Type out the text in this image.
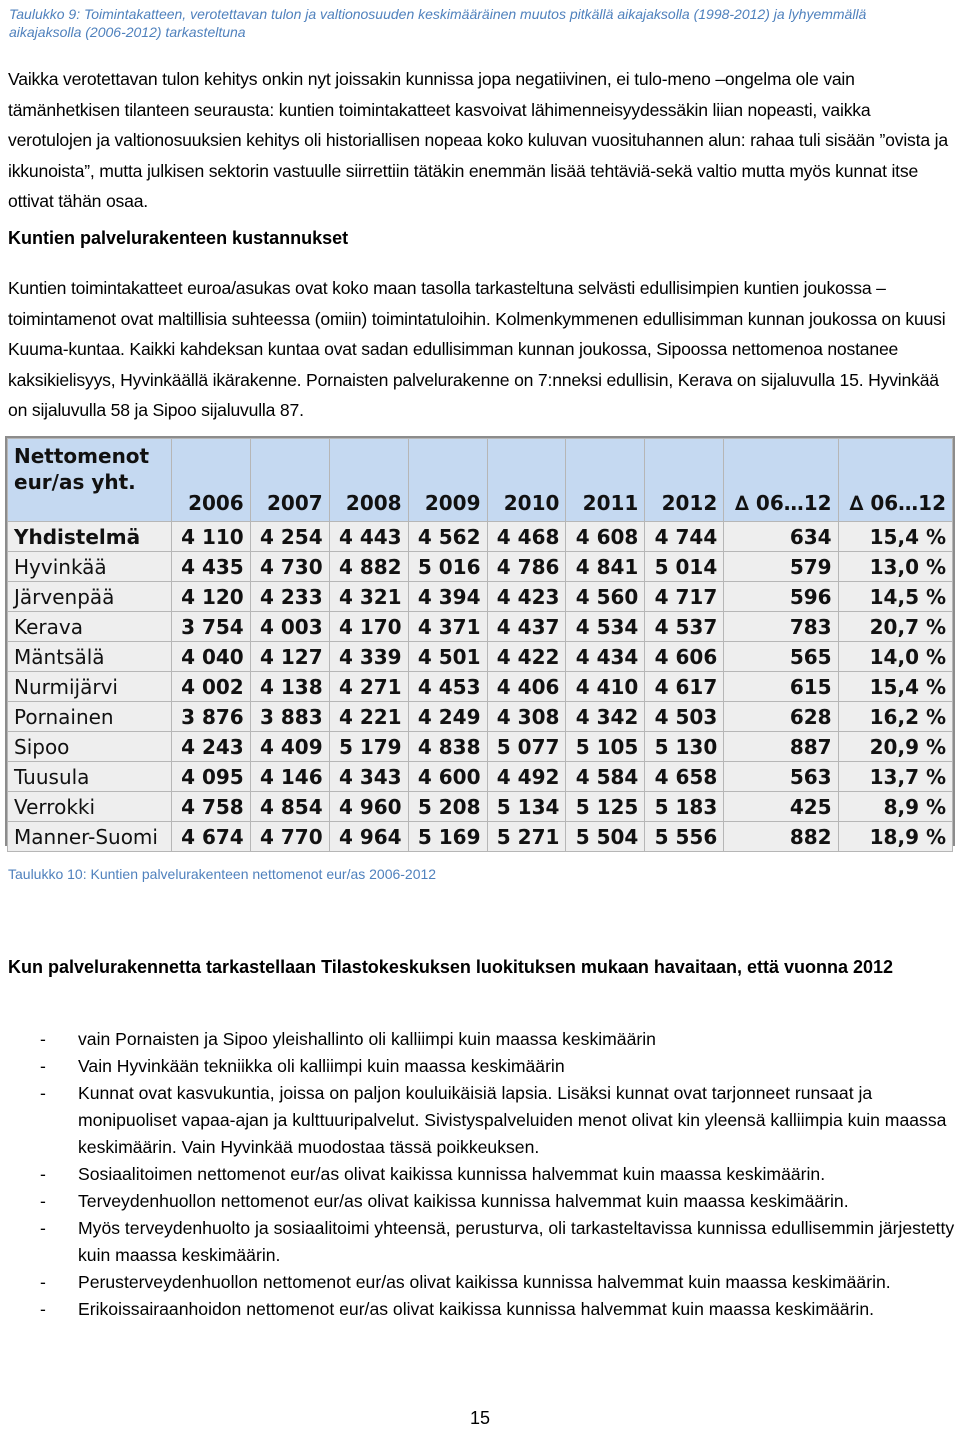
Taulukko 9: Toimintakatteen, verotettavan tulon ja valtionosuuden keskimääräinen muutos pitkällä aikajaksolla (1998-2012) ja lyhyemmällä aikajaksolla (2006-2012) tarkasteltuna
Vaikka verotettavan tulon kehitys onkin nyt joissakin kunnissa jopa negatiivinen, ei tulo-meno –ongelma ole vain tämänhetkisen tilanteen seurausta: kuntien toimintakatteet kasvoivat lähimenneisyydessäkin liian nopeasti, vaikka verotulojen ja valtionosuuksien kehitys oli historiallisen nopeaa koko kuluvan vuosituhannen alun: rahaa tuli sisään ”ovista ja ikkunoista”, mutta julkisen sektorin vastuulle siirrettiin tätäkin enemmän lisää tehtäviä-sekä valtio mutta myös kunnat itse ottivat tähän osaa.
Kuntien palvelurakenteen kustannukset
Kuntien toimintakatteet euroa/asukas ovat koko maan tasolla tarkasteltuna selvästi edullisimpien kuntien joukossa – toimintamenot ovat maltillisia suhteessa (omiin) toimintatuloihin. Kolmenkymmenen edullisimman kunnan joukossa on kuusi Kuuma-kuntaa. Kaikki kahdeksan kuntaa ovat sadan edullisimman kunnan joukossa, Sipoossa nettomenoa nostanee kaksikielisyys, Hyvinkäällä ikärakenne. Pornaisten palvelurakenne on 7:nneksi edullisin, Kerava on sijaluvulla 15. Hyvinkää on sijaluvulla 58 ja Sipoo sijaluvulla 87.
Nettomenot
eur/as yht.	2006	2007	2008	2009	2010	2011	2012	∆ 06…12	∆ 06…12
Yhdistelmä	4 110	4 254	4 443	4 562	4 468	4 608	4 744	634	15,4 %
Hyvinkää	4 435	4 730	4 882	5 016	4 786	4 841	5 014	579	13,0 %
Järvenpää	4 120	4 233	4 321	4 394	4 423	4 560	4 717	596	14,5 %
Kerava	3 754	4 003	4 170	4 371	4 437	4 534	4 537	783	20,7 %
Mäntsälä	4 040	4 127	4 339	4 501	4 422	4 434	4 606	565	14,0 %
Nurmijärvi	4 002	4 138	4 271	4 453	4 406	4 410	4 617	615	15,4 %
Pornainen	3 876	3 883	4 221	4 249	4 308	4 342	4 503	628	16,2 %
Sipoo	4 243	4 409	5 179	4 838	5 077	5 105	5 130	887	20,9 %
Tuusula	4 095	4 146	4 343	4 600	4 492	4 584	4 658	563	13,7 %
Verrokki	4 758	4 854	4 960	5 208	5 134	5 125	5 183	425	8,9 %
Manner-Suomi	4 674	4 770	4 964	5 169	5 271	5 504	5 556	882	18,9 %
Taulukko 10: Kuntien palvelurakenteen nettomenot eur/as 2006-2012
Kun palvelurakennetta tarkastellaan Tilastokeskuksen luokituksen mukaan havaitaan, että vuonna 2012
- vain Pornaisten ja Sipoo yleishallinto oli kalliimpi kuin maassa keskimäärin
- Vain Hyvinkään tekniikka oli kalliimpi kuin maassa keskimäärin
- Kunnat ovat kasvukuntia, joissa on paljon kouluikäisiä lapsia. Lisäksi kunnat ovat tarjonneet runsaat ja monipuoliset vapaa-ajan ja kulttuuripalvelut. Sivistyspalveluiden menot olivat kin yleensä kalliimpia kuin maassa keskimäärin. Vain Hyvinkää muodostaa tässä poikkeuksen.
- Sosiaalitoimen nettomenot eur/as olivat kaikissa kunnissa halvemmat kuin maassa keskimäärin.
- Terveydenhuollon nettomenot eur/as olivat kaikissa kunnissa halvemmat kuin maassa keskimäärin.
- Myös terveydenhuolto ja sosiaalitoimi yhteensä, perusturva, oli tarkasteltavissa kunnissa edullisemmin järjestetty kuin maassa keskimäärin.
- Perusterveydenhuollon nettomenot eur/as olivat kaikissa kunnissa halvemmat kuin maassa keskimäärin.
- Erikoissairaanhoidon nettomenot eur/as olivat kaikissa kunnissa halvemmat kuin maassa keskimäärin.
15
